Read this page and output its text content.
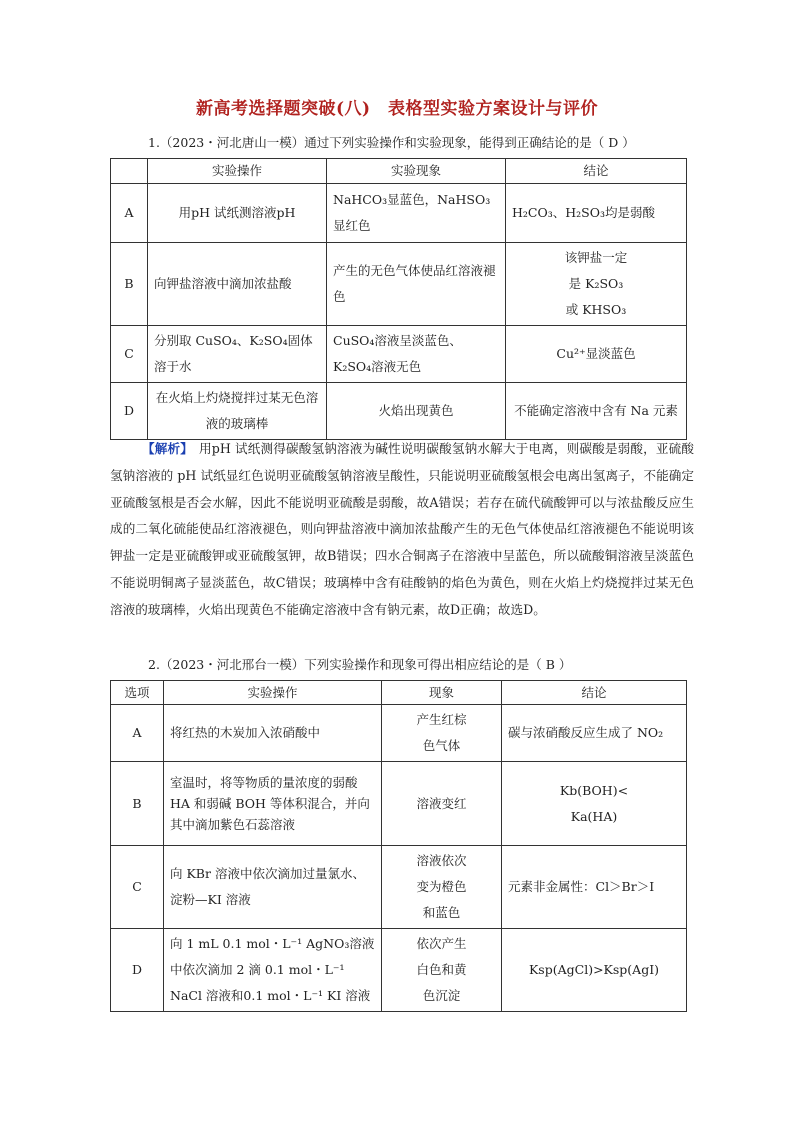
新高考选择题突破(八)　表格型实验方案设计与评价
1.（2023・河北唐山一模）通过下列实验操作和实验现象，能得到正确结论的是（ D ）
	实验操作	实验现象	结论
A	用pH 试纸测溶液pH	NaHCO₃显蓝色，NaHSO₃显红色	H₂CO₃、H₂SO₃均是弱酸
B	向钾盐溶液中滴加浓盐酸	产生的无色气体使品红溶液褪色	该钾盐一定
是 K₂SO₃
或 KHSO₃
C	分别取 CuSO₄、K₂SO₄固体溶于水	CuSO₄溶液呈淡蓝色、K₂SO₄溶液无色	Cu²⁺显淡蓝色
D	在火焰上灼烧搅拌过某无色溶液的玻璃棒	火焰出现黄色	不能确定溶液中含有 Na 元素
【解析】 用pH 试纸测得碳酸氢钠溶液为碱性说明碳酸氢钠水解大于电离，则碳酸是弱酸，亚硫酸氢钠溶液的 pH 试纸显红色说明亚硫酸氢钠溶液呈酸性，只能说明亚硫酸氢根会电离出氢离子，不能确定亚硫酸氢根是否会水解，因此不能说明亚硫酸是弱酸，故A错误；若存在硫代硫酸钾可以与浓盐酸反应生成的二氧化硫能使品红溶液褪色，则向钾盐溶液中滴加浓盐酸产生的无色气体使品红溶液褪色不能说明该钾盐一定是亚硫酸钾或亚硫酸氢钾，故B错误；四水合铜离子在溶液中呈蓝色，所以硫酸铜溶液呈淡蓝色不能说明铜离子显淡蓝色，故C错误；玻璃棒中含有硅酸钠的焰色为黄色，则在火焰上灼烧搅拌过某无色溶液的玻璃棒，火焰出现黄色不能确定溶液中含有钠元素，故D正确；故选D。
2.（2023・河北邢台一模）下列实验操作和现象可得出相应结论的是（ B ）
选项	实验操作	现象	结论
A	将红热的木炭加入浓硝酸中	产生红棕
色气体	碳与浓硝酸反应生成了 NO₂
B	室温时，将等物质的量浓度的弱酸 HA 和弱碱 BOH 等体积混合，并向其中滴加紫色石蕊溶液	溶液变红	Kb(BOH)<
Ka(HA)
C	向 KBr 溶液中依次滴加过量氯水、淀粉—KI 溶液	溶液依次
变为橙色
和蓝色	元素非金属性：Cl＞Br＞I
D	向 1 mL 0.1 mol・L⁻¹ AgNO₃溶液中依次滴加 2 滴 0.1 mol・L⁻¹ NaCl 溶液和0.1 mol・L⁻¹ KI 溶液	依次产生
白色和黄
色沉淀	Ksp(AgCl)>Ksp(AgI)
